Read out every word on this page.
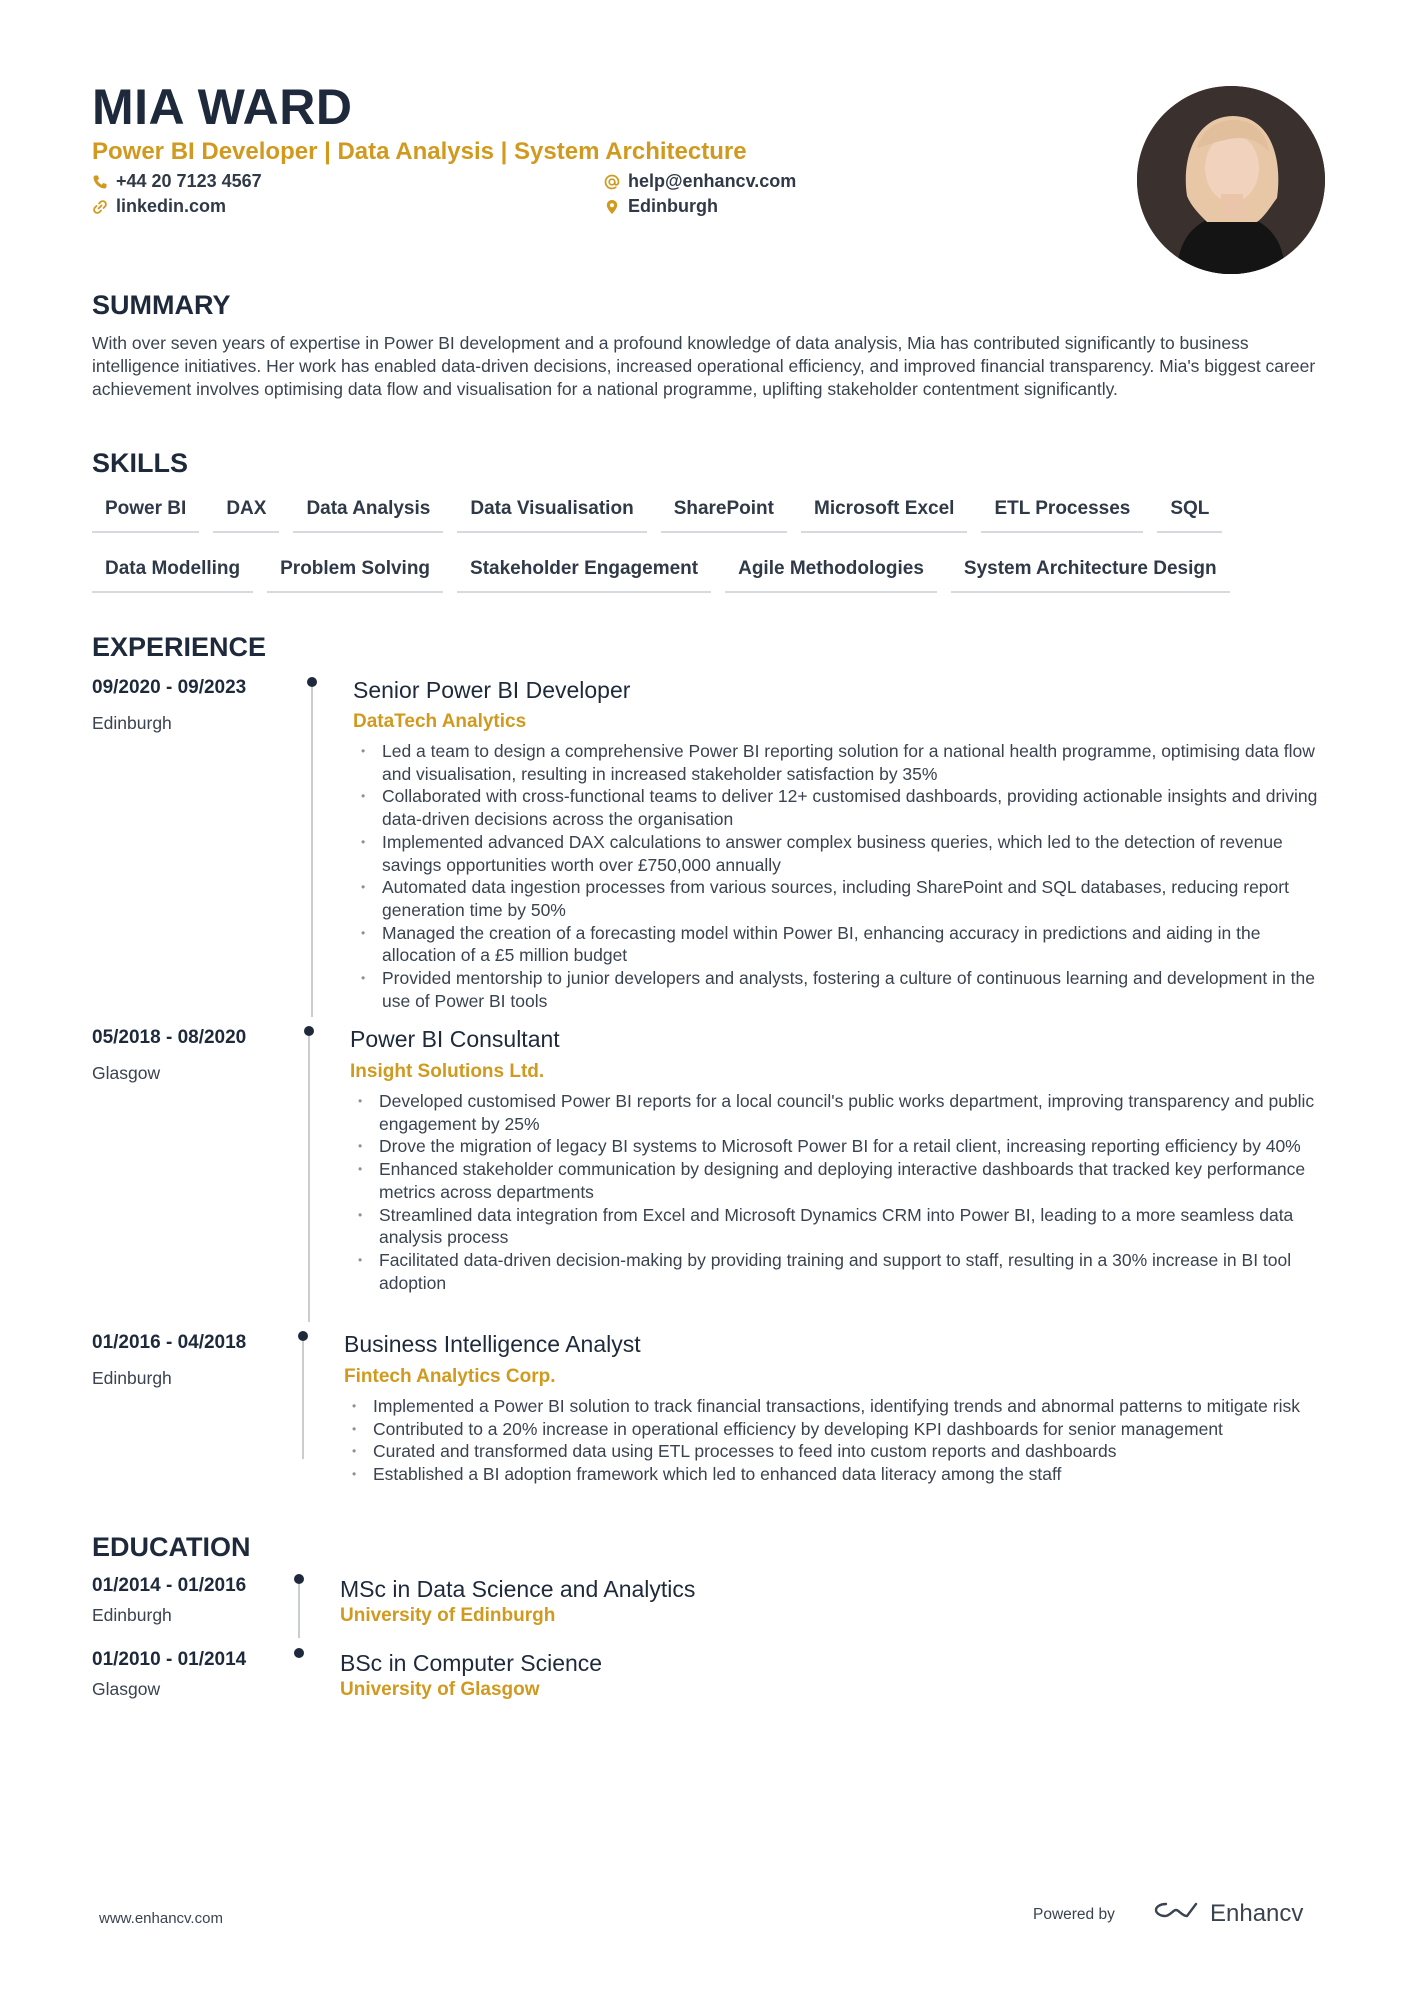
MIA WARD
Power BI Developer | Data Analysis | System Architecture
+44 20 7123 4567
linkedin.com
help@enhancv.com
Edinburgh
SUMMARY
With over seven years of expertise in Power BI development and a profound knowledge of data analysis, Mia has contributed significantly to business intelligence initiatives. Her work has enabled data-driven decisions, increased operational efficiency, and improved financial transparency. Mia's biggest career achievement involves optimising data flow and visualisation for a national programme, uplifting stakeholder contentment significantly.
SKILLS
Power BI	DAX	Data Analysis	Data Visualisation	SharePoint	Microsoft Excel	ETL Processes	SQL
Data Modelling	Problem Solving	Stakeholder Engagement	Agile Methodologies	System Architecture Design
EXPERIENCE
09/2020 - 09/2023
Edinburgh
Senior Power BI Developer
DataTech Analytics
• Led a team to design a comprehensive Power BI reporting solution for a national health programme, optimising data flow and visualisation, resulting in increased stakeholder satisfaction by 35%
• Collaborated with cross-functional teams to deliver 12+ customised dashboards, providing actionable insights and driving data-driven decisions across the organisation
• Implemented advanced DAX calculations to answer complex business queries, which led to the detection of revenue savings opportunities worth over £750,000 annually
• Automated data ingestion processes from various sources, including SharePoint and SQL databases, reducing report generation time by 50%
• Managed the creation of a forecasting model within Power BI, enhancing accuracy in predictions and aiding in the allocation of a £5 million budget
• Provided mentorship to junior developers and analysts, fostering a culture of continuous learning and development in the use of Power BI tools
05/2018 - 08/2020
Glasgow
Power BI Consultant
Insight Solutions Ltd.
• Developed customised Power BI reports for a local council's public works department, improving transparency and public engagement by 25%
• Drove the migration of legacy BI systems to Microsoft Power BI for a retail client, increasing reporting efficiency by 40%
• Enhanced stakeholder communication by designing and deploying interactive dashboards that tracked key performance metrics across departments
• Streamlined data integration from Excel and Microsoft Dynamics CRM into Power BI, leading to a more seamless data analysis process
• Facilitated data-driven decision-making by providing training and support to staff, resulting in a 30% increase in BI tool adoption
01/2016 - 04/2018
Edinburgh
Business Intelligence Analyst
Fintech Analytics Corp.
• Implemented a Power BI solution to track financial transactions, identifying trends and abnormal patterns to mitigate risk
• Contributed to a 20% increase in operational efficiency by developing KPI dashboards for senior management
• Curated and transformed data using ETL processes to feed into custom reports and dashboards
• Established a BI adoption framework which led to enhanced data literacy among the staff
EDUCATION
01/2014 - 01/2016
Edinburgh
MSc in Data Science and Analytics
University of Edinburgh
01/2010 - 01/2014
Glasgow
BSc in Computer Science
University of Glasgow
www.enhancv.com	Powered by	Enhancv
